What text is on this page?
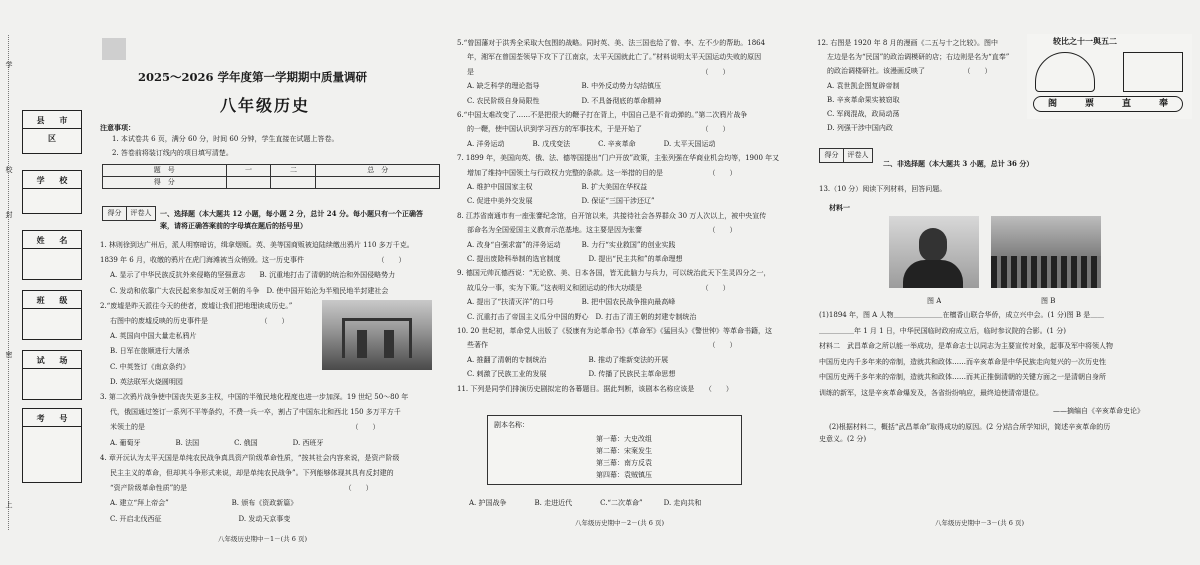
学
校
封
密
上
县 市 区
学 校
姓 名
班 级
试 场
考 号
2025～2026 学年度第一学期期中质量调研
八年级历史
注意事项：
1. 本试卷共 6 页，满分 60 分，时间 60 分钟，学生直接在试题上答卷。
2. 答卷前将装订线内的项目填写清楚。
题　号	一	二	总　分
得　分			
得分	评卷人	一、选择题（本大题共 12 小题，每小题 2 分，总计 24 分。每小题只有一个正确答
案，请将正确答案前的字母填在题后的括号里）
1. 林则徐到达广州后，派人明察暗访，缉拿烟贩。英、美等国商贩被迫陆续缴出鸦片 110 多万千克。
1839 年 6 月，收缴的鸦片在虎门海滩被当众销毁。这一历史事件　　　　　　　　　　　（　　）
A. 显示了中华民族反抗外来侵略的坚强意志　　B. 沉重地打击了清朝的统治和外国侵略势力
C. 发动和依靠广大农民起来参加反对王朝的斗争　D. 使中国开始沦为半殖民地半封建社会
2.“废墟是昨天派往今天的使者，废墟让我们把地理读成历史。”
右图中的废墟反映的历史事件是　　　　　　　　（　　）
A. 英国向中国大量走私鸦片
B. 日军在旅顺进行大屠杀
C. 中英签订《南京条约》
D. 英法联军火烧圆明园
3. 第二次鸦片战争使中国丧失更多主权，中国的半殖民地化程度也进一步加深。19 世纪 50～80 年
代，俄国通过签订一系列不平等条约，不费一兵一卒，割占了中国东北和西北 150 多万平方千
米领土的是　　　　　　　　　　　　　　　　　　　　　　　　　　　　　　（　　）
A. 葡萄牙　　　　　B. 法国　　　　　C. 俄国　　　　　D. 西班牙
4. 章开沅认为太平天国是单纯农民战争真具资产阶级革命性质，“按其社会内容来说，是资产阶级
民主主义的革命，但却其斗争形式来说，却是单纯农民战争”。下列能够体现其具有反封建的
“资产阶级革命性质”的是　　　　　　　　　　　　　　　　　　　　　　　（　　）
A. 建立“拜上帝会”　　　　　　　　　B. 颁布《资政新篇》
C. 开启北伐西征　　　　　　　　　　　D. 发动天京事变
八年级历史期中－1－(共 6 页)
5.“曾国藩对于洪秀全采取大包围的战略。同时英、美、法三国也给了曾、李、左不少的帮助。1864
年，湘军在曾国荃领导下攻下了江南京，太平天国就此亡了。”材料说明太平天国运动失败的原因
是　　　　　　　　　　　　　　　　　　　　　　　　　　　　　　　　　（　　）
A. 缺乏科学的理论指导　　　　　　B. 中外反动势力勾结镇压
C. 农民阶级自身局限性　　　　　　D. 不具备彻底的革命精神
6.“中国太难改变了……不是把很大的鞭子打在背上，中国自己是不肯动弹的。”第二次鸦片战争
的一鞭，使中国认识到学习西方的军事技术，于是开始了　　　　　　　　　（　　）
A. 洋务运动　　　　B. 戊戌变法　　　　C. 辛亥革命　　　　D. 太平天国运动
7. 1899 年，美国向英、俄、法、德等国提出“门户开放”政策，主张列强在华商业机会均等，1900 年又
增加了维持中国领土与行政权力完整的条款。这一举措的目的是　　　　　　　（　　）
A. 维护中国国家主权　　　　　　　B. 扩大美国在华权益
C. 促进中美外交发展　　　　　　　D. 保证“三国干涉还辽”
8. 江苏省南通市有一座张謇纪念馆，自开馆以来，共接待社会各界群众 30 万人次以上，被中央宣传
部命名为全国爱国主义教育示范基地。这主要是因为张謇　　　　　　　　　　（　　）
A. 改身“自强求富”的洋务运动　　　B. 力行“实业救国”的创业实践
C. 提出废除科举制的选官制度　　　　D. 提出“民主共和”的革命理想
9. 德国元帅瓦德西说：“无论欧、美、日本各国，皆无此脑力与兵力，可以统治此天下生灵四分之一，
故瓜分一事，实为下策。”这表明义和团运动的伟大功绩是　　　　　　　　　（　　）
A. 提出了“扶清灭洋”的口号　　　　B. 把中国农民战争推向最高峰
C. 沉重打击了帝国主义瓜分中国的野心　D. 打击了清王朝的封建专制统治
10. 20 世纪初，革命党人出版了《驳康有为论革命书》《革命军》《猛回头》《警世钟》等革命书籍，这
些著作　　　　　　　　　　　　　　　　　　　　　　　　　　　　　　　　（　　）
A. 推翻了清朝的专制统治　　　　　　B. 推动了维新变法的开展
C. 刺激了民族工业的发展　　　　　　D. 传播了民族民主革命思想
11. 下列是同学们排演历史剧拟定的各幕题目。据此判断，该剧本名称应该是　　（　　）
剧本名称：
第一幕：大史改组
第二幕：宋案发生
第三幕：南方反袁
第四幕：袁贼镇压
A. 护国战争　　　　B. 走进近代　　　　C.“二次革命”　　　D. 走向共和
八年级历史期中－2－(共 6 页)
12. 右图是 1920 年 8 月的漫画《二五与十之比较》。图中
左边是名为“民国”的政治调模研的店；右边则是名为“直奉”
的政治调楼研社。该漫画反映了　　　　　　（　　）
A. 袁世凯企图复辟帝制
B. 辛亥革命果实被窃取
C. 军阀混战，政局动荡
D. 列强干涉中国内政
较比之十一與五二
阁	票	直	奉
得分	评卷人
二、非选择题（本大题共 3 小题，总计 36 分）
13.（10 分）阅读下列材料，回答问题。
材料一
图 A	图 B
(1)1894 年，图 A 人物＿＿＿＿＿＿＿在檀香山联合华侨，成立兴中会。(1 分)图 B 是＿＿
＿＿＿＿＿年 1 月 1 日，中华民国临时政府成立后，临时参议院的合影。(1 分)
材料二　武昌革命之所以能一举成功，是革命志士以同志为主要宣传对象，起事及军中将领人物
中国历史内千多年来的帝制，造就共和政体……而辛亥革命是中华民族走向复兴的一次历史性
中国历史两千多年来的帝制，造就共和政体……而其正推倒清朝的关键方面之一是清朝自身所
训练的新军，这是辛亥革命爆发及，各省纷纷响应，最终迫使清帝退位。
——摘编自《辛亥革命史论》
(2)根据材料二，概括“武昌革命”取得成功的原因。(2 分)结合所学知识，简述辛亥革命的历
史意义。(2 分)
八年级历史期中－3－(共 6 页)
